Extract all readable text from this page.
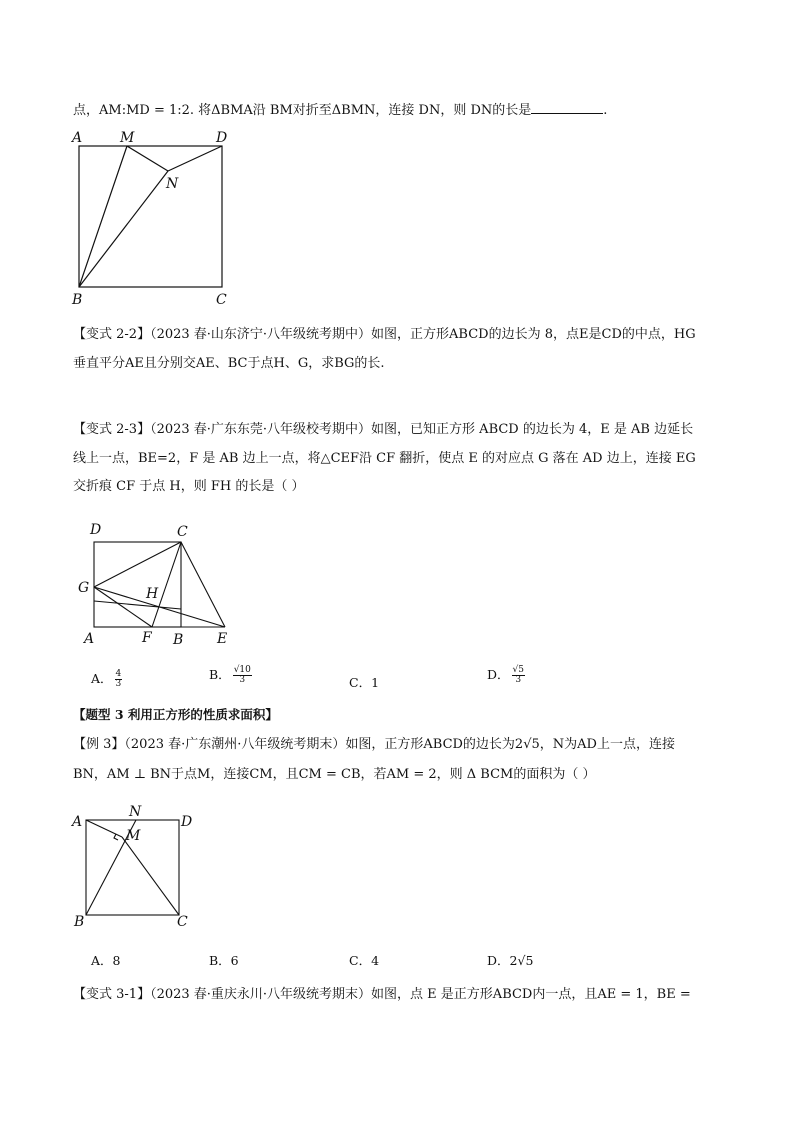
点，AM:MD = 1:2. 将ΔBMA沿 BM对折至ΔBMN，连接 DN，则 DN的长是	.
A	M	D
N
B	C
【变式 2-2】（2023 春·山东济宁·八年级统考期中）如图，正方形ABCD的边长为 8，点E是CD的中点，HG
垂直平分AE且分别交AE、BC于点H、G，求BG的长.
【变式 2-3】（2023 春·广东东莞·八年级校考期中）如图，已知正方形 ABCD 的边长为 4，E 是 AB 边延长
线上一点，BE=2，F 是 AB 边上一点，将△CEF沿 CF 翻折，使点 E 的对应点 G 落在 AD 边上，连接 EG
交折痕 CF 于点 H，则 FH 的长是（ ）
D	C
G	H
A	F B E
A． $\frac{4}{3}$	B． $\frac{√10}{3}$	C．1
D． $\frac{√5}{3}$
【题型 3 利用正方形的性质求面积】
【例 3】（2023 春·广东潮州·八年级统考期末）如图，正方形ABCD的边长为2√5，N为AD上一点，连接
BN，AM ⊥ BN于点M，连接CM，且CM = CB，若AM = 2，则 Δ BCM的面积为（ ）
A
N
M
D
B	C
A．8	B．6	C．4	D．2√5
【变式 3-1】（2023 春·重庆永川·八年级统考期末）如图，点 E 是正方形ABCD内一点，且AE = 1，BE =
